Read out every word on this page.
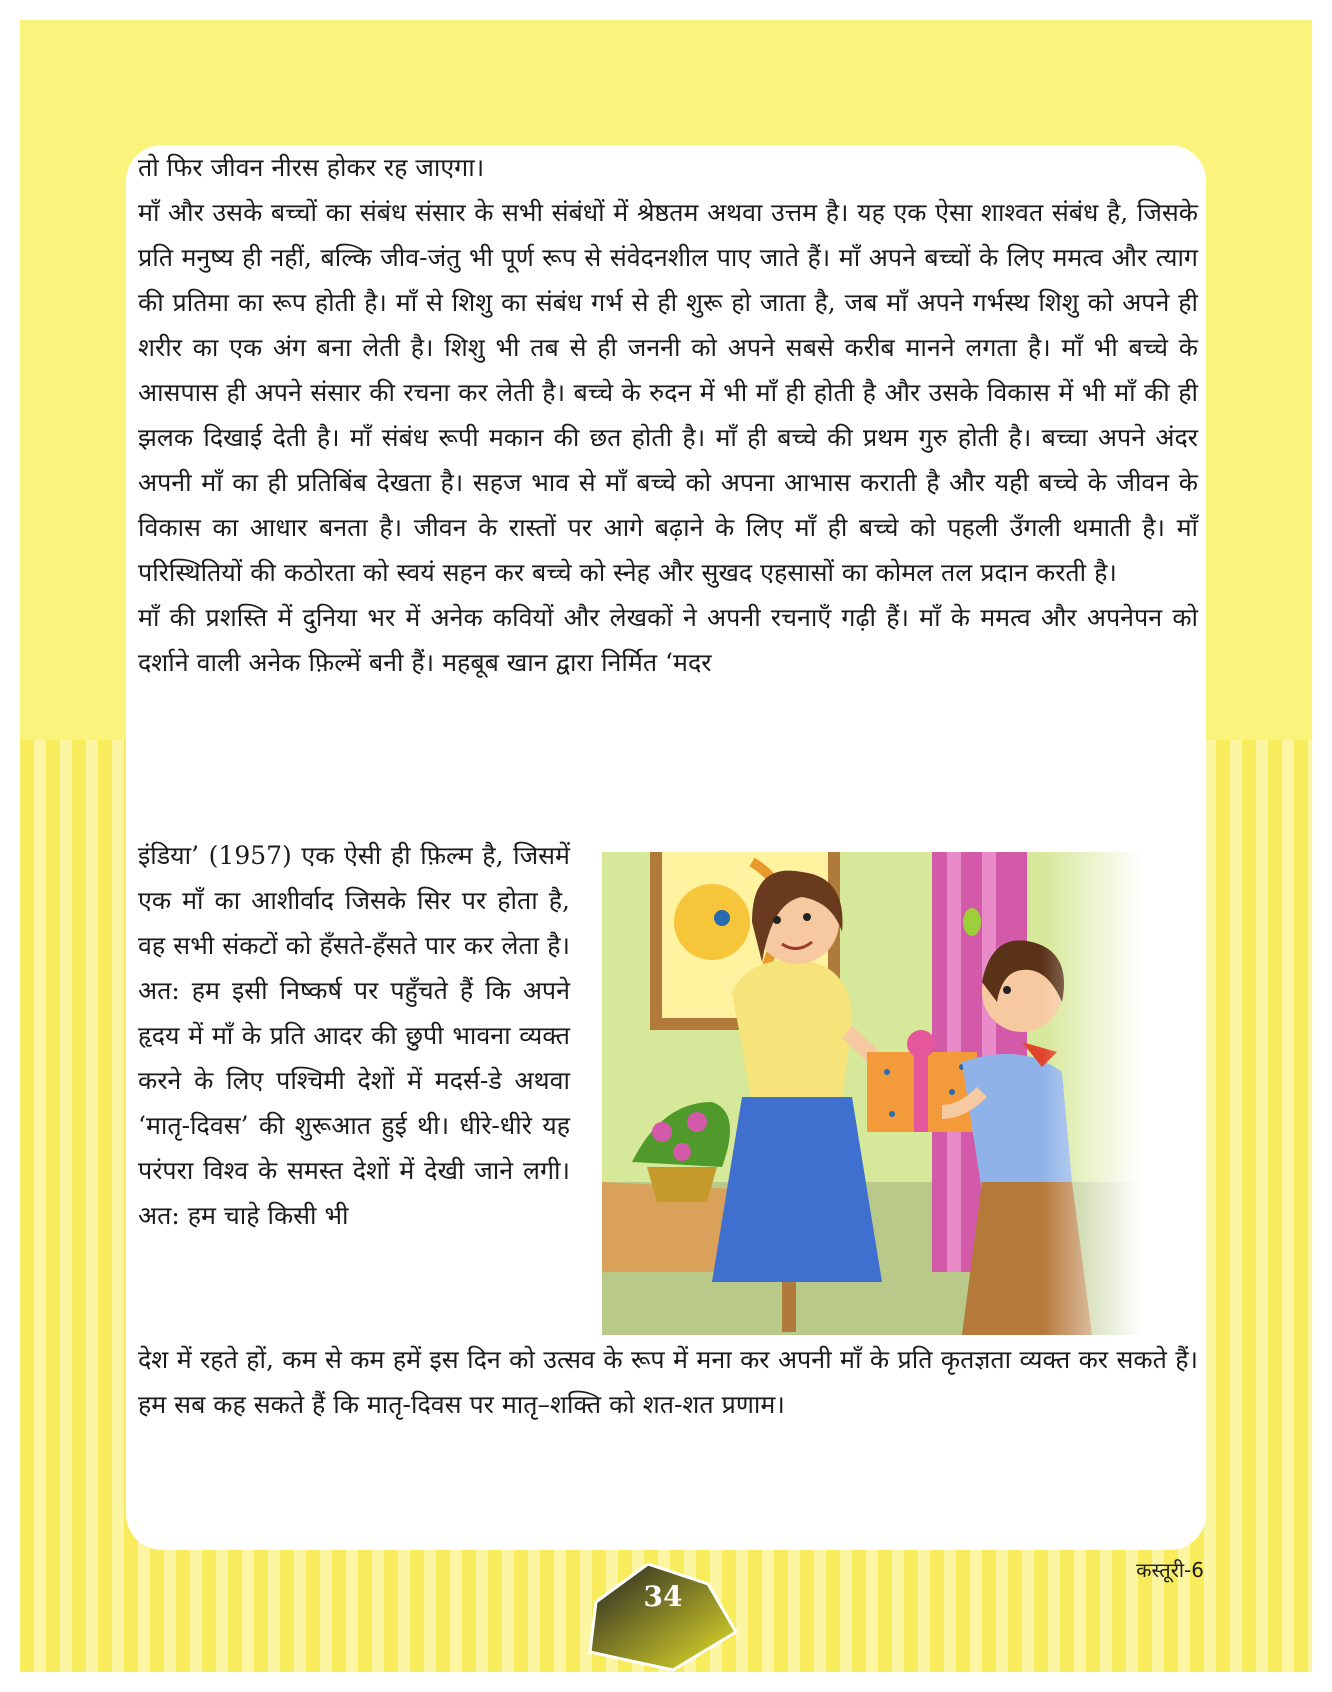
तो फिर जीवन नीरस होकर रह जाएगा।

माँ और उसके बच्चों का संबंध संसार के सभी संबंधों में श्रेष्ठतम अथवा उत्तम है। यह एक ऐसा शाश्वत संबंध है, जिसके प्रति मनुष्य ही नहीं, बल्कि जीव-जंतु भी पूर्ण रूप से संवेदनशील पाए जाते हैं। माँ अपने बच्चों के लिए ममत्व और त्याग की प्रतिमा का रूप होती है। माँ से शिशु का संबंध गर्भ से ही शुरू हो जाता है, जब माँ अपने गर्भस्थ शिशु को अपने ही शरीर का एक अंग बना लेती है। शिशु भी तब से ही जननी को अपने सबसे करीब मानने लगता है। माँ भी बच्चे के आसपास ही अपने संसार की रचना कर लेती है। बच्चे के रुदन में भी माँ ही होती है और उसके विकास में भी माँ की ही झलक दिखाई देती है। माँ संबंध रूपी मकान की छत होती है। माँ ही बच्चे की प्रथम गुरु होती है। बच्चा अपने अंदर अपनी माँ का ही प्रतिबिंब देखता है। सहज भाव से माँ बच्चे को अपना आभास कराती है और यही बच्चे के जीवन के विकास का आधार बनता है। जीवन के रास्तों पर आगे बढ़ाने के लिए माँ ही बच्चे को पहली उँगली थमाती है। माँ परिस्थितियों की कठोरता को स्वयं सहन कर बच्चे को स्नेह और सुखद एहसासों का कोमल तल प्रदान करती है।

माँ की प्रशस्ति में दुनिया भर में अनेक कवियों और लेखकों ने अपनी रचनाएँ गढ़ी हैं। माँ के ममत्व और अपनेपन को दर्शाने वाली अनेक फ़िल्में बनी हैं। महबूब खान द्वारा निर्मित ‘मदर

इंडिया’ (1957) एक ऐसी ही फ़िल्म है, जिसमें एक माँ का आशीर्वाद जिसके सिर पर होता है, वह सभी संकटों को हँसते-हँसते पार कर लेता है। अत: हम इसी निष्कर्ष पर पहुँचते हैं कि अपने हृदय में माँ के प्रति आदर की छुपी भावना व्यक्त करने के लिए पश्चिमी देशों में मदर्स-डे अथवा ‘मातृ-दिवस’ की शुरूआत हुई थी। धीरे-धीरे यह परंपरा विश्व के समस्त देशों में देखी जाने लगी। अत: हम चाहे किसी भी
देश में रहते हों, कम से कम हमें इस दिन को उत्सव के रूप में मना कर अपनी माँ के प्रति कृतज्ञता व्यक्त कर सकते हैं। हम सब कह सकते हैं कि मातृ-दिवस पर मातृ–शक्ति को शत-शत प्रणाम।
34
कस्तूरी-6
